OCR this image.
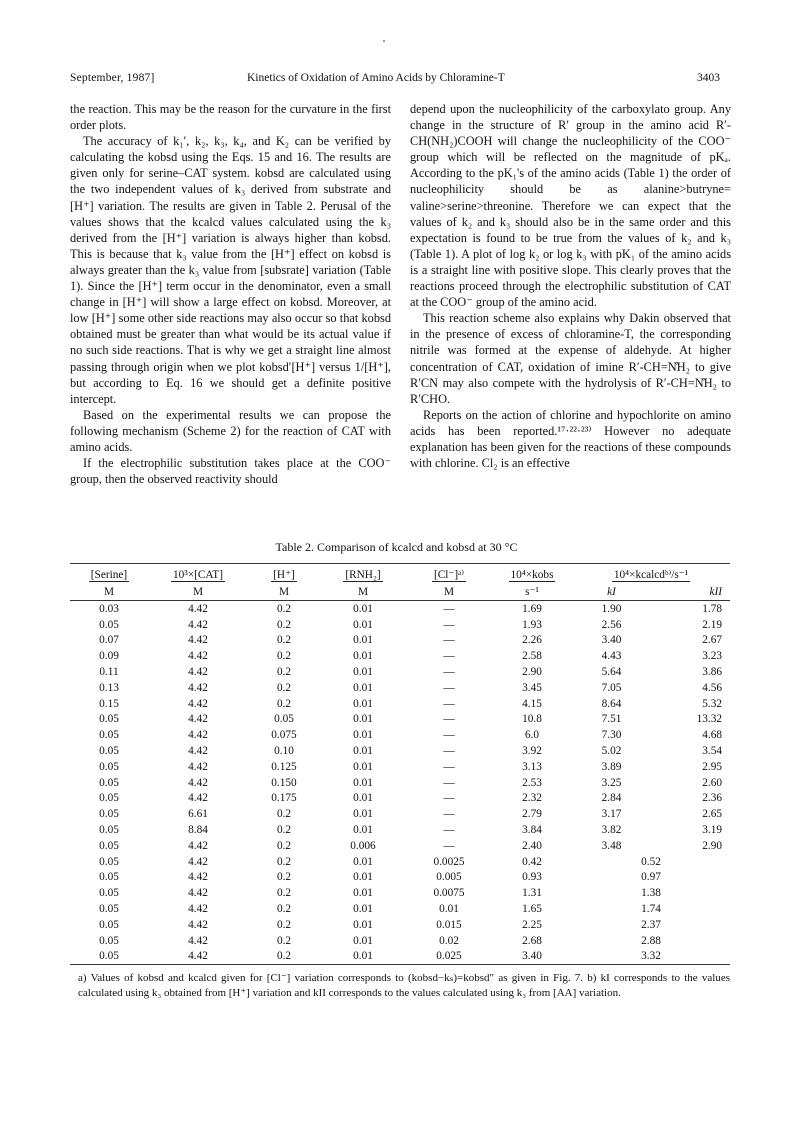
September, 1987]	Kinetics of Oxidation of Amino Acids by Chloramine-T	3403

the reaction. This may be the reason for the curvature in the first order plots.

The accuracy of k₁′, k₂, k₃, k₄, and K₂ can be verified by calculating the kobsd using the Eqs. 15 and 16. The results are given only for serine–CAT system. kobsd are calculated using the two independent values of k₃ derived from substrate and [H⁺] variation. The results are given in Table 2. Perusal of the values shows that the kcalcd values calculated using the k₃ derived from the [H⁺] variation is always higher than kobsd. This is because that k₃ value from the [H⁺] effect on kobsd is always greater than the k₃ value from [subsrate] variation (Table 1). Since the [H⁺] term occur in the denominator, even a small change in [H⁺] will show a large effect on kobsd. Moreover, at low [H⁺] some other side reactions may also occur so that kobsd obtained must be greater than what would be its actual value if no such side reactions. That is why we get a straight line almost passing through origin when we plot kobsd′[H⁺] versus 1/[H⁺], but according to Eq. 16 we should get a definite positive intercept.

Based on the experimental results we can propose the following mechanism (Scheme 2) for the reaction of CAT with amino acids.

If the electrophilic substitution takes place at the COO⁻ group, then the observed reactivity should

depend upon the nucleophilicity of the carboxylato group. Any change in the structure of R′ group in the amino acid R′-CH(NH₂)COOH will change the nucleophilicity of the COO⁻ group which will be reflected on the magnitude of pKₐ. According to the pK₁'s of the amino acids (Table 1) the order of nucleophilicity should be as alanine>butryne= valine>serine>threonine. Therefore we can expect that the values of k₂ and k₃ should also be in the same order and this expectation is found to be true from the values of k₂ and k₃ (Table 1). A plot of log k₂ or log k₃ with pK₁ of the amino acids is a straight line with positive slope. This clearly proves that the reactions proceed through the electrophilic substitution of CAT at the COO⁻ group of the amino acid.

This reaction scheme also explains why Dakin observed that in the presence of excess of chloramine-T, the corresponding nitrile was formed at the expense of aldehyde. At higher concentration of CAT, oxidation of imine R′-CH=N̊H₂ to give R′CN may also compete with the hydrolysis of R′-CH=N̊H₂ to R′CHO.

Reports on the action of chlorine and hypochlorite on amino acids has been reported.¹⁷·²²·²³⁾ However no adequate explanation has been given for the reactions of these compounds with chlorine. Cl₂ is an effective

Table 2. Comparison of kcalcd and kobsd at 30 °C
[Serine]	10³×[CAT]	[H⁺]	[RNH₂]	[Cl⁻]ᵃ⁾	10⁴×kobs	10⁴×kcalcdᵇ⁾/s⁻¹	
M	M	M	M	M	s⁻¹	kI	kII
0.03	4.42	0.2	0.01	—	1.69	1.90	1.78
0.05	4.42	0.2	0.01	—	1.93	2.56	2.19
0.07	4.42	0.2	0.01	—	2.26	3.40	2.67
0.09	4.42	0.2	0.01	—	2.58	4.43	3.23
0.11	4.42	0.2	0.01	—	2.90	5.64	3.86
0.13	4.42	0.2	0.01	—	3.45	7.05	4.56
0.15	4.42	0.2	0.01	—	4.15	8.64	5.32
0.05	4.42	0.05	0.01	—	10.8	7.51	13.32
0.05	4.42	0.075	0.01	—	6.0	7.30	4.68
0.05	4.42	0.10	0.01	—	3.92	5.02	3.54
0.05	4.42	0.125	0.01	—	3.13	3.89	2.95
0.05	4.42	0.150	0.01	—	2.53	3.25	2.60
0.05	4.42	0.175	0.01	—	2.32	2.84	2.36
0.05	6.61	0.2	0.01	—	2.79	3.17	2.65
0.05	8.84	0.2	0.01	—	3.84	3.82	3.19
0.05	4.42	0.2	0.006	—	2.40	3.48	2.90
0.05	4.42	0.2	0.01	0.0025	0.42	0.52	
0.05	4.42	0.2	0.01	0.005	0.93	0.97	
0.05	4.42	0.2	0.01	0.0075	1.31	1.38	
0.05	4.42	0.2	0.01	0.01	1.65	1.74	
0.05	4.42	0.2	0.01	0.015	2.25	2.37	
0.05	4.42	0.2	0.01	0.02	2.68	2.88	
0.05	4.42	0.2	0.01	0.025	3.40	3.32	

a) Values of kobsd and kcalcd given for [Cl⁻] variation corresponds to (kobsd−kₛ)=kobsd″ as given in Fig. 7. b) kI corresponds to the values calculated using k₃ obtained from [H⁺] variation and kII corresponds to the values calculated using k₃ from [AA] variation.
